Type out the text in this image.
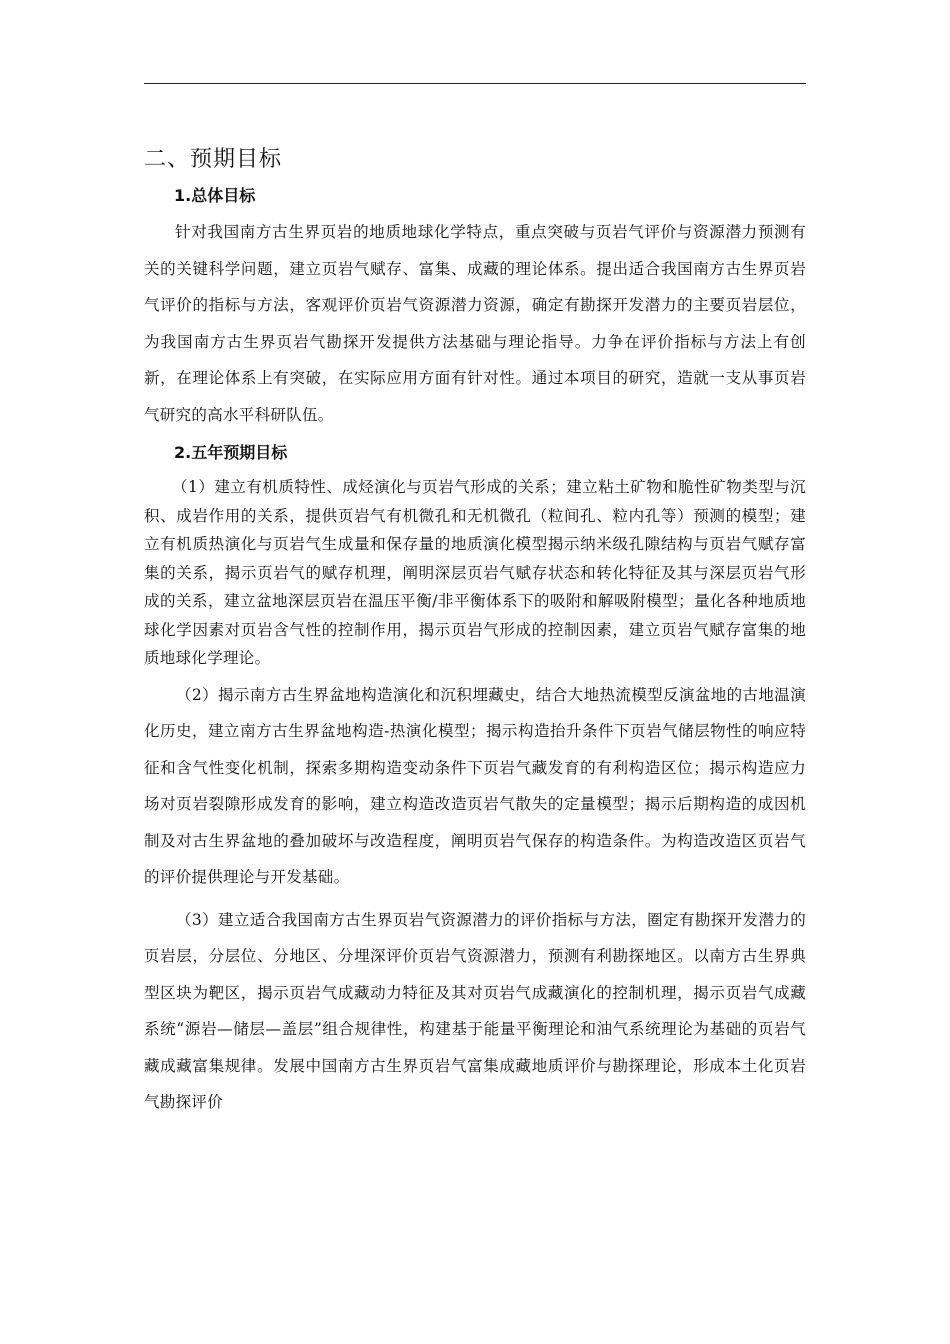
二、预期目标
1.总体目标

针对我国南方古生界页岩的地质地球化学特点，重点突破与页岩气评价与资源潜力预测有关的关键科学问题，建立页岩气赋存、富集、成藏的理论体系。提出适合我国南方古生界页岩气评价的指标与方法，客观评价页岩气资源潜力资源，确定有勘探开发潜力的主要页岩层位，为我国南方古生界页岩气勘探开发提供方法基础与理论指导。力争在评价指标与方法上有创新，在理论体系上有突破，在实际应用方面有针对性。通过本项目的研究，造就一支从事页岩气研究的高水平科研队伍。

2.五年预期目标

（1）建立有机质特性、成烃演化与页岩气形成的关系；建立粘土矿物和脆性矿物类型与沉积、成岩作用的关系，提供页岩气有机微孔和无机微孔（粒间孔、粒内孔等）预测的模型；建立有机质热演化与页岩气生成量和保存量的地质演化模型揭示纳米级孔隙结构与页岩气赋存富集的关系，揭示页岩气的赋存机理，阐明深层页岩气赋存状态和转化特征及其与深层页岩气形成的关系，建立盆地深层页岩在温压平衡/非平衡体系下的吸附和解吸附模型；量化各种地质地球化学因素对页岩含气性的控制作用，揭示页岩气形成的控制因素，建立页岩气赋存富集的地质地球化学理论。

（2）揭示南方古生界盆地构造演化和沉积埋藏史，结合大地热流模型反演盆地的古地温演化历史，建立南方古生界盆地构造-热演化模型；揭示构造抬升条件下页岩气储层物性的响应特征和含气性变化机制，探索多期构造变动条件下页岩气藏发育的有利构造区位；揭示构造应力场对页岩裂隙形成发育的影响，建立构造改造页岩气散失的定量模型；揭示后期构造的成因机制及对古生界盆地的叠加破坏与改造程度，阐明页岩气保存的构造条件。为构造改造区页岩气的评价提供理论与开发基础。

（3）建立适合我国南方古生界页岩气资源潜力的评价指标与方法，圈定有勘探开发潜力的页岩层，分层位、分地区、分埋深评价页岩气资源潜力，预测有利勘探地区。以南方古生界典型区块为靶区，揭示页岩气成藏动力特征及其对页岩气成藏演化的控制机理，揭示页岩气成藏系统“源岩—储层—盖层”组合规律性，构建基于能量平衡理论和油气系统理论为基础的页岩气藏成藏富集规律。发展中国南方古生界页岩气富集成藏地质评价与勘探理论，形成本土化页岩气勘探评价
